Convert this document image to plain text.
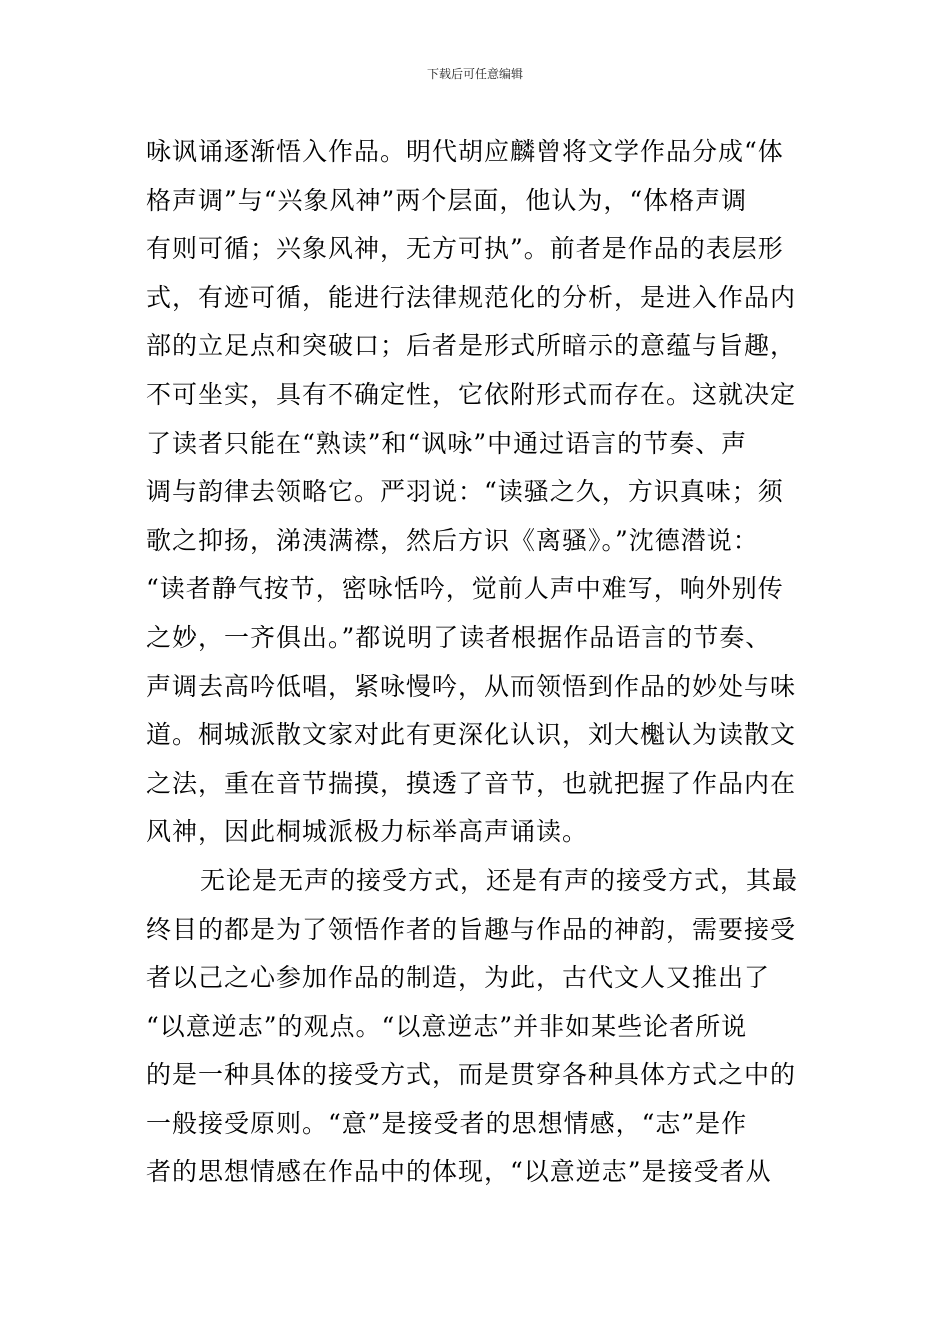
下载后可任意编辑
咏讽诵逐渐悟入作品。明代胡应麟曾将文学作品分成“体
格声调”与“兴象风神”两个层面，他认为，“体格声调
有则可循；兴象风神，无方可执”。前者是作品的表层形
式，有迹可循，能进行法律规范化的分析，是进入作品内
部的立足点和突破口；后者是形式所暗示的意蕴与旨趣，
不可坐实，具有不确定性，它依附形式而存在。这就决定
了读者只能在“熟读”和“讽咏”中通过语言的节奏、声
调与韵律去领略它。严羽说：“读骚之久，方识真味；须
歌之抑扬，涕洟满襟，然后方识《离骚》。”沈德潜说：
“读者静气按节，密咏恬吟，觉前人声中难写，响外别传
之妙，一齐俱出。”都说明了读者根据作品语言的节奏、
声调去高吟低唱，紧咏慢吟，从而领悟到作品的妙处与味
道。桐城派散文家对此有更深化认识，刘大櫆认为读散文
之法，重在音节揣摸，摸透了音节，也就把握了作品内在
风神，因此桐城派极力标举高声诵读。
无论是无声的接受方式，还是有声的接受方式，其最
终目的都是为了领悟作者的旨趣与作品的神韵，需要接受
者以己之心参加作品的制造，为此，古代文人又推出了
“以意逆志”的观点。“以意逆志”并非如某些论者所说
的是一种具体的接受方式，而是贯穿各种具体方式之中的
一般接受原则。“意”是接受者的思想情感，“志”是作
者的思想情感在作品中的体现，“以意逆志”是接受者从
